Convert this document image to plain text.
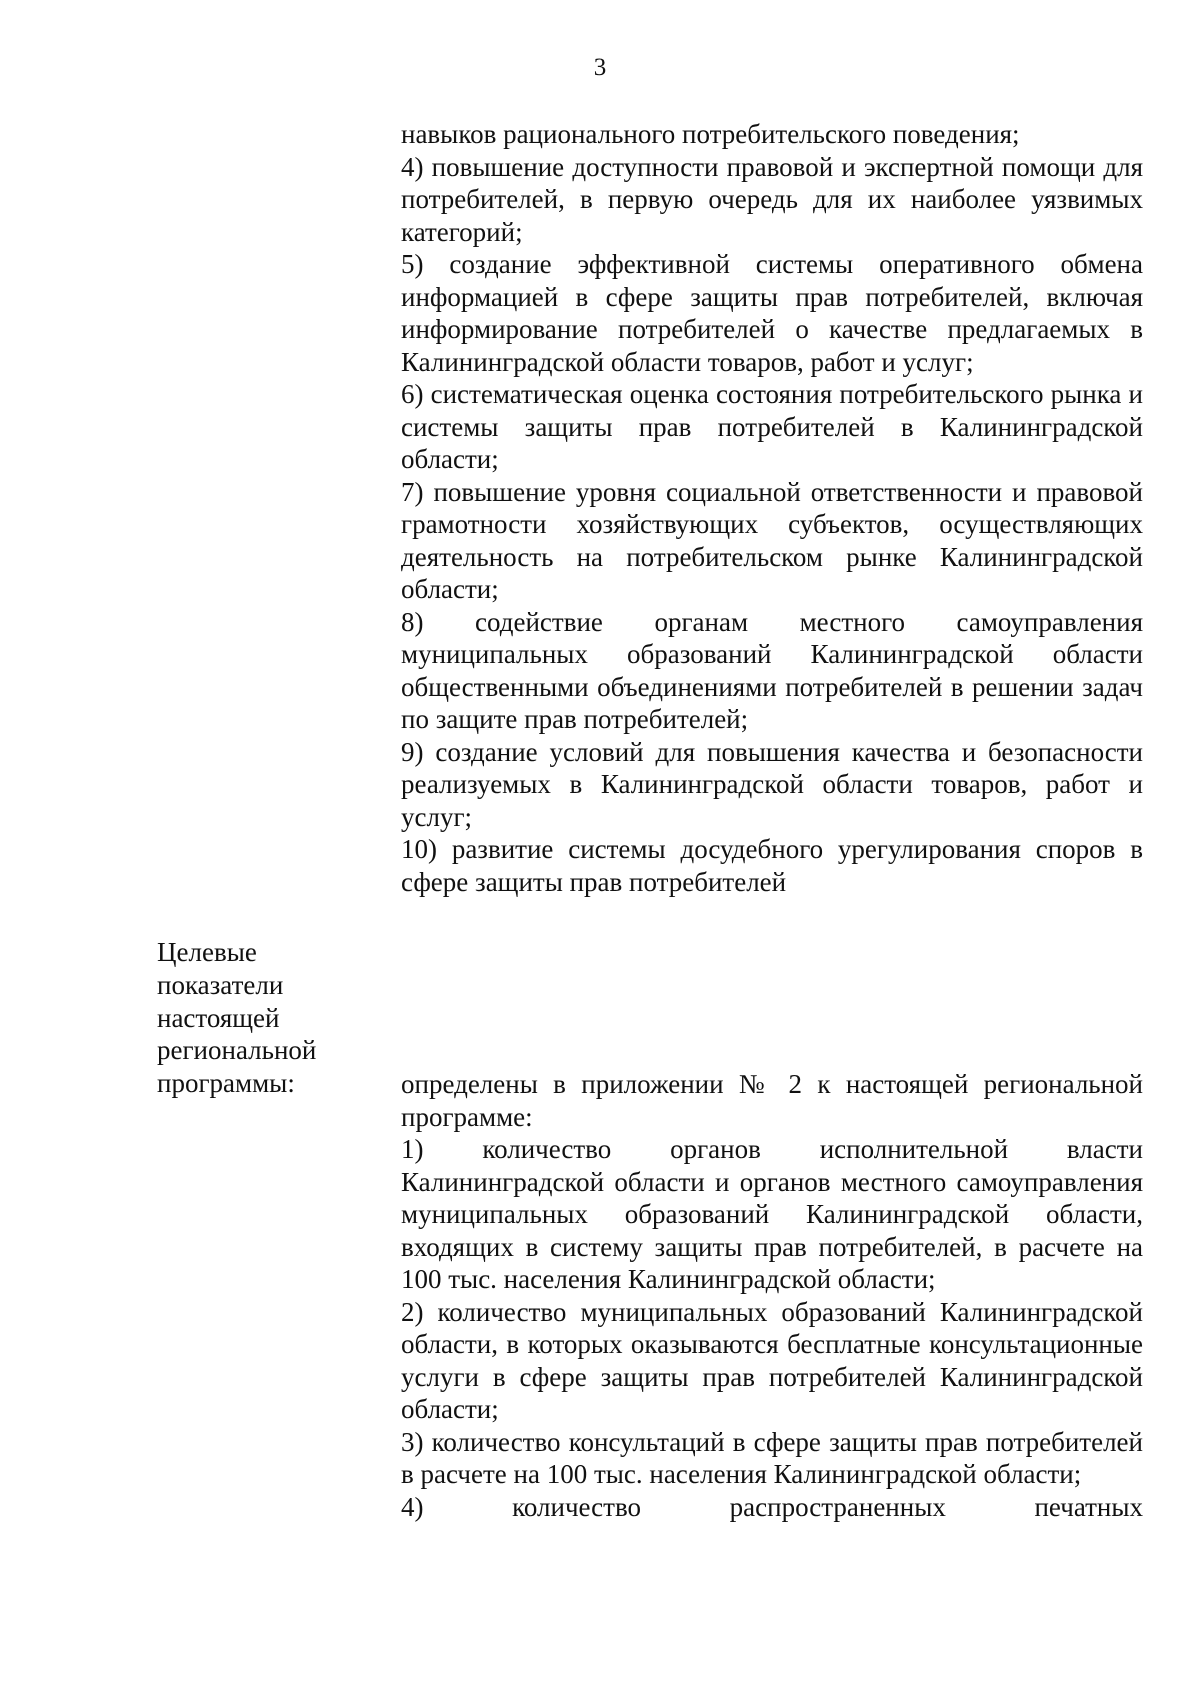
3

навыков рационального потребительского поведения;

4) повышение доступности правовой и экспертной помощи для потребителей, в первую очередь для их наиболее уязвимых категорий;

5) создание эффективной системы оперативного обмена информацией в сфере защиты прав потребителей, включая информирование потребителей о качестве предлагаемых в Калининградской области товаров, работ и услуг;

6) систематическая оценка состояния потребительского рынка и системы защиты прав потребителей в Калининградской области;

7) повышение уровня социальной ответственности и правовой грамотности хозяйствующих субъектов, осуществляющих деятельность на потребительском рынке Калининградской области;

8) содействие органам местного самоуправления муниципальных образований Калининградской области общественными объединениями потребителей в решении задач по защите прав потребителей;

9) создание условий для повышения качества и безопасности реализуемых в Калининградской области товаров, работ и услуг;

10) развитие системы досудебного урегулирования споров в сфере защиты прав потребителей

Целевые
показатели
настоящей
региональной
программы:	определены в приложении № 2 к настоящей региональной программе:

1) количество органов исполнительной власти Калининградской области и органов местного самоуправления муниципальных образований Калининградской области, входящих в систему защиты прав потребителей, в расчете на 100 тыс. населения Калининградской области;

2) количество муниципальных образований Калининградской области, в которых оказываются бесплатные консультационные услуги в сфере защиты прав потребителей Калининградской области;

3) количество консультаций в сфере защиты прав потребителей в расчете на 100 тыс. населения Калининградской области;

4) количество распространенных печатных
